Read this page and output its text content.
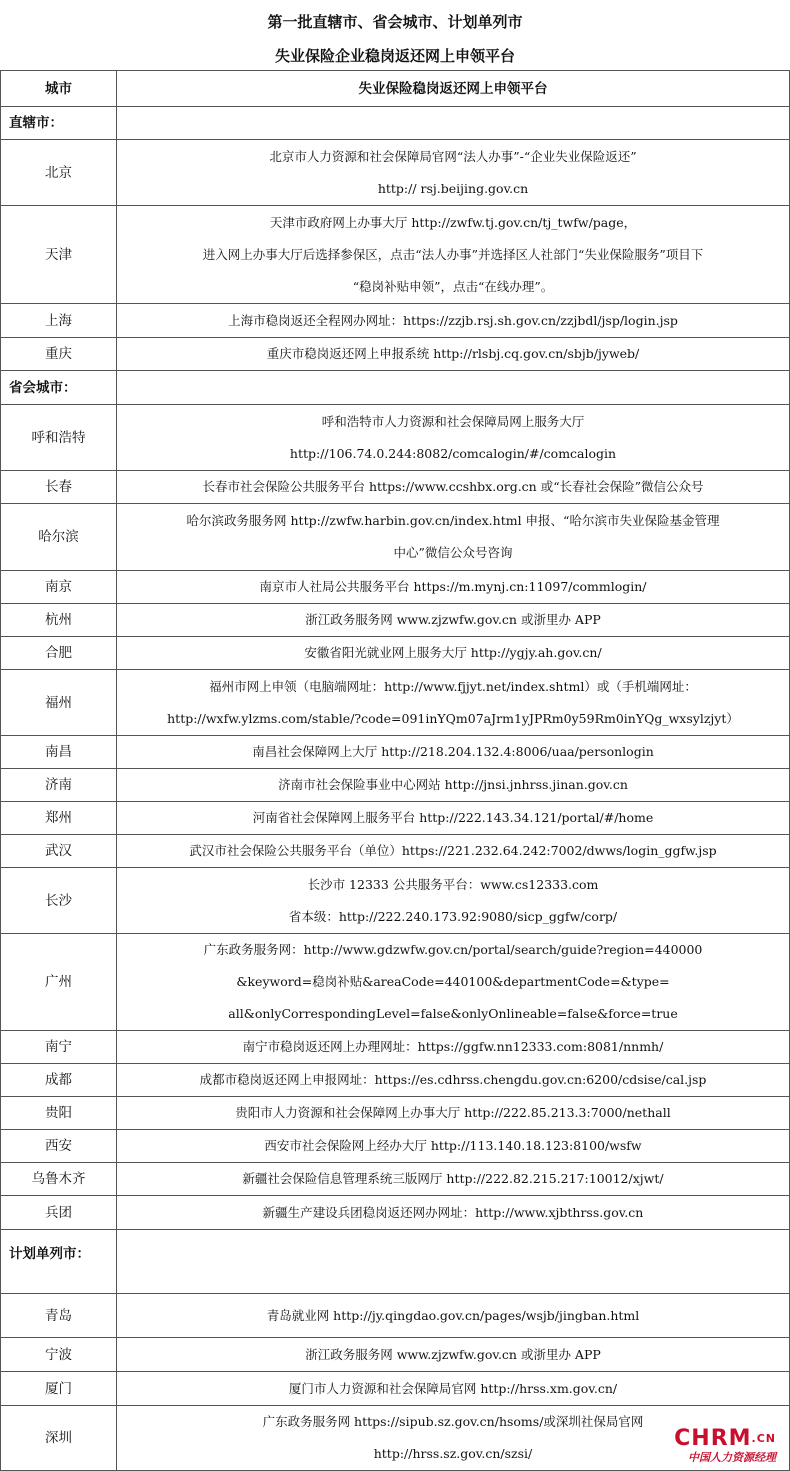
第一批直辖市、省会城市、计划单列市
失业保险企业稳岗返还网上申领平台
城市	失业保险稳岗返还网上申领平台
直辖市：	
北京	北京市人力资源和社会保障局官网“法人办事”-“企业失业保险返还”
http:// rsj.beijing.gov.cn

天津	天津市政府网上办事大厅 http://zwfw.tj.gov.cn/tj_twfw/page，
进入网上办事大厅后选择参保区，点击“法人办事”并选择区人社部门“失业保险服务”项目下
“稳岗补贴申领”，点击“在线办理”。

上海	上海市稳岗返还全程网办网址：https://zzjb.rsj.sh.gov.cn/zzjbdl/jsp/login.jsp

重庆	重庆市稳岗返还网上申报系统 http://rlsbj.cq.gov.cn/sbjb/jyweb/

省会城市：	
呼和浩特	呼和浩特市人力资源和社会保障局网上服务大厅
http://106.74.0.244:8082/comcalogin/#/comcalogin

长春	长春市社会保险公共服务平台 https://www.ccshbx.org.cn 或“长春社会保险”微信公众号

哈尔滨	哈尔滨政务服务网 http://zwfw.harbin.gov.cn/index.html 申报、“哈尔滨市失业保险基金管理
中心”微信公众号咨询

南京	南京市人社局公共服务平台 https://m.mynj.cn:11097/commlogin/

杭州	浙江政务服务网 www.zjzwfw.gov.cn 或浙里办 APP

合肥	安徽省阳光就业网上服务大厅 http://ygjy.ah.gov.cn/

福州	福州市网上申领（电脑端网址：http://www.fjjyt.net/index.shtml）或（手机端网址：
http://wxfw.ylzms.com/stable/?code=091inYQm07aJrm1yJPRm0y59Rm0inYQg_wxsylzjyt）

南昌	南昌社会保障网上大厅 http://218.204.132.4:8006/uaa/personlogin

济南	济南市社会保险事业中心网站 http://jnsi.jnhrss.jinan.gov.cn

郑州	河南省社会保障网上服务平台 http://222.143.34.121/portal/#/home

武汉	武汉市社会保险公共服务平台（单位）https://221.232.64.242:7002/dwws/login_ggfw.jsp

长沙	长沙市 12333 公共服务平台：www.cs12333.com
省本级：http://222.240.173.92:9080/sicp_ggfw/corp/

广州	广东政务服务网：http://www.gdzwfw.gov.cn/portal/search/guide?region=440000
&keyword=稳岗补贴&areaCode=440100&departmentCode=&type=
all&onlyCorrespondingLevel=false&onlyOnlineable=false&force=true

南宁	南宁市稳岗返还网上办理网址：https://ggfw.nn12333.com:8081/nnmh/

成都	成都市稳岗返还网上申报网址：https://es.cdhrss.chengdu.gov.cn:6200/cdsise/cal.jsp

贵阳	贵阳市人力资源和社会保障网上办事大厅 http://222.85.213.3:7000/nethall

西安	西安市社会保险网上经办大厅 http://113.140.18.123:8100/wsfw

乌鲁木齐	新疆社会保险信息管理系统三版网厅 http://222.82.215.217:10012/xjwt/

兵团	新疆生产建设兵团稳岗返还网办网址：http://www.xjbthrss.gov.cn

计划单列市：	
青岛	青岛就业网 http://jy.qingdao.gov.cn/pages/wsjb/jingban.html

宁波	浙江政务服务网 www.zjzwfw.gov.cn 或浙里办 APP

厦门	厦门市人力资源和社会保障局官网 http://hrss.xm.gov.cn/

深圳	广东政务服务网 https://sipub.sz.gov.cn/hsoms/或深圳社保局官网
http://hrss.sz.gov.cn/szsi/
$CHRM^{.CN}$
中国人力资源经理
